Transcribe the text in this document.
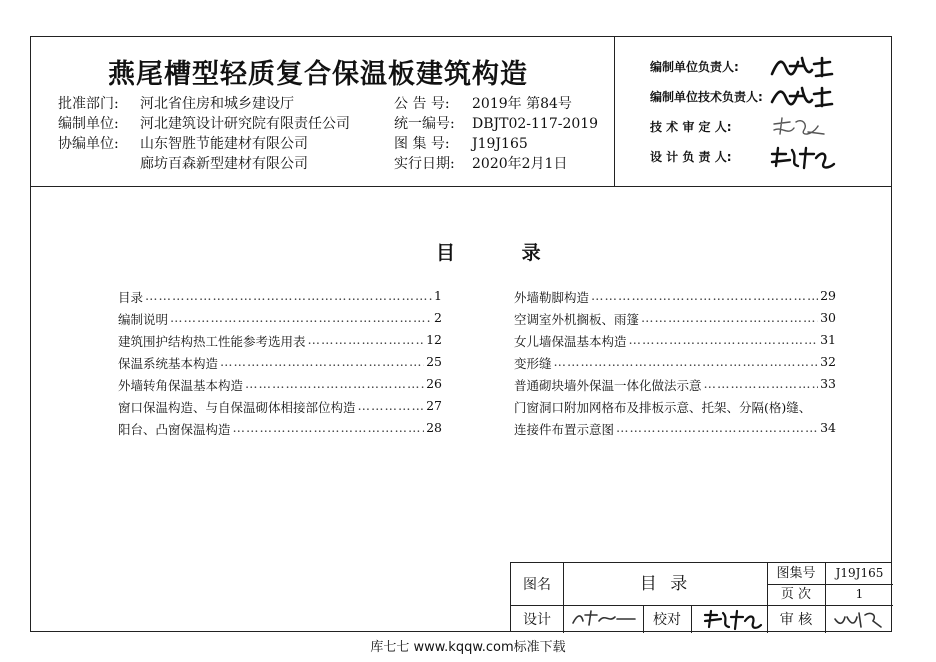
燕尾槽型轻质复合保温板建筑构造
批准部门: 河北省住房和城乡建设厅
编制单位: 河北建筑设计研究院有限责任公司
协编单位: 山东智胜节能建材有限公司
廊坊百森新型建材有限公司
公 告 号: 2019年 第84号
统一编号: DBJT02-117-2019
图 集 号: J19J165
实行日期: 2020年2月1日
编制单位负责人:
编制单位技术负责人:
技 术 审 定 人:
设 计 负 责 人:
目 录
目录 …………………………………………………………………………………………………………………………………………	1
编制说明 …………………………………………………………………………………………………………………………………………	2
建筑围护结构热工性能参考选用表 …………………………………………………………………………………………………………………………………………	12
保温系统基本构造 …………………………………………………………………………………………………………………………………………	25
外墙转角保温基本构造 …………………………………………………………………………………………………………………………………………	26
窗口保温构造、与自保温砌体相接部位构造 …………………………………………………………………………………………………………………………………………	27
阳台、凸窗保温构造 …………………………………………………………………………………………………………………………………………	28
外墙勒脚构造 …………………………………………………………………………………………………………………………………………	29
空调室外机搁板、雨篷 …………………………………………………………………………………………………………………………………………	30
女儿墙保温基本构造 …………………………………………………………………………………………………………………………………………	31
变形缝 …………………………………………………………………………………………………………………………………………	32
普通砌块墙外保温一体化做法示意 …………………………………………………………………………………………………………………………………………	33
门窗洞口附加网格布及排板示意、托架、分隔(格)缝、
连接件布置示意图 …………………………………………………………………………………………………………………………………………	34
图名	目 录
图集号	J19J165
页 次	1
设计	校对	审 核
库七七 www.kqqw.com标准下载
